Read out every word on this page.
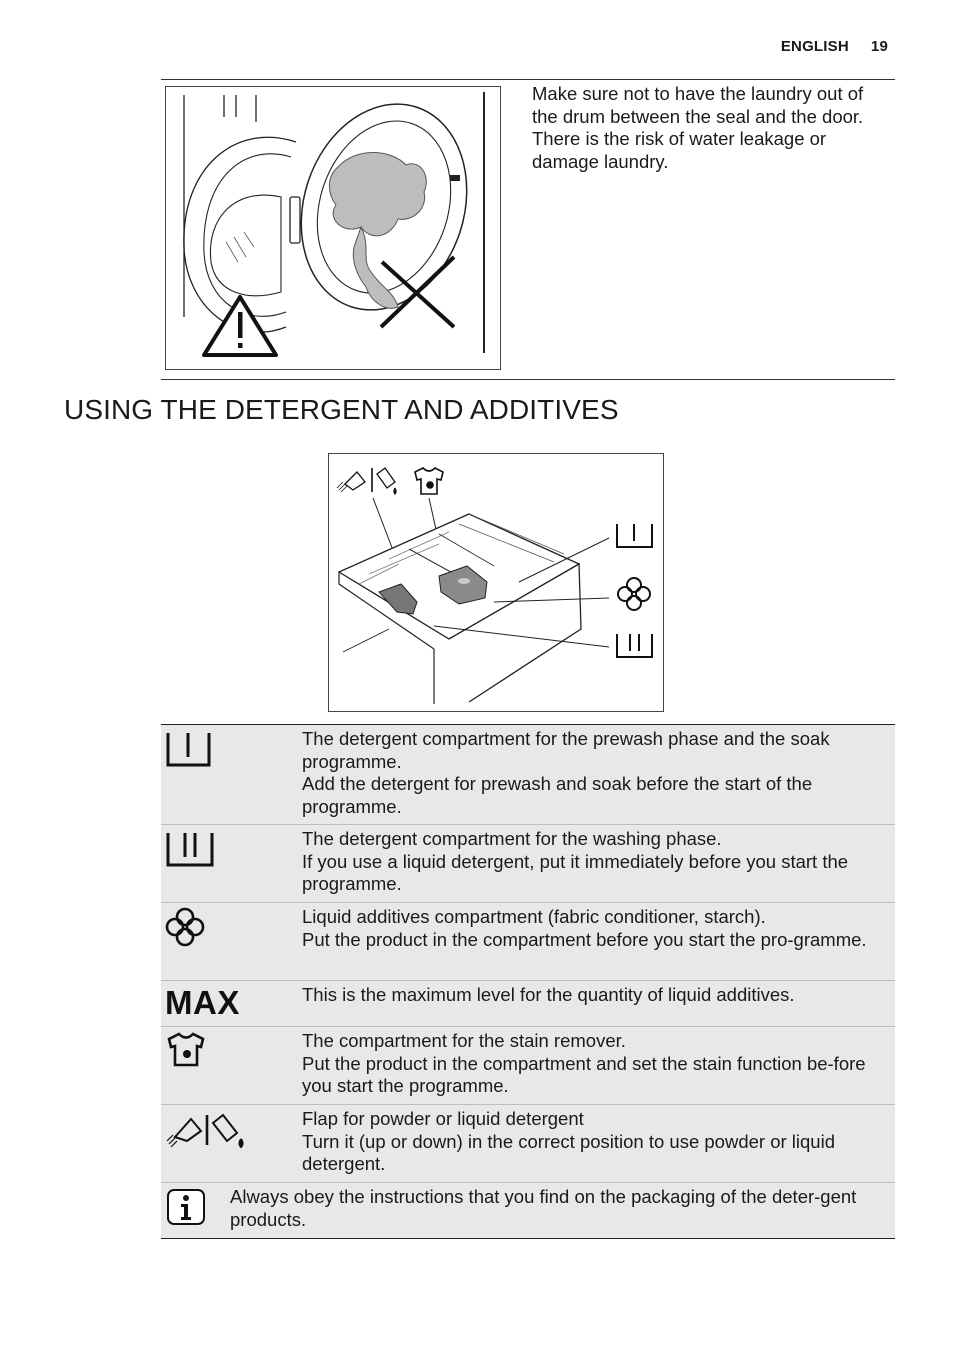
ENGLISH 19
Make sure not to have the laundry out of the drum between the seal and the door. There is the risk of water leakage or damage laundry.
USING THE DETERGENT AND ADDITIVES
The detergent compartment for the prewash phase and the soak programme.
Add the detergent for prewash and soak before the start of the programme.
The detergent compartment for the washing phase.
If you use a liquid detergent, put it immediately before you start the programme.
Liquid additives compartment (fabric conditioner, starch).
Put the product in the compartment before you start the pro-gramme.
MAX	This is the maximum level for the quantity of liquid additives.
The compartment for the stain remover.
Put the product in the compartment and set the stain function be-fore you start the programme.
Flap for powder or liquid detergent
Turn it (up or down) in the correct position to use powder or liquid detergent.
Always obey the instructions that you find on the packaging of the deter-gent products.
